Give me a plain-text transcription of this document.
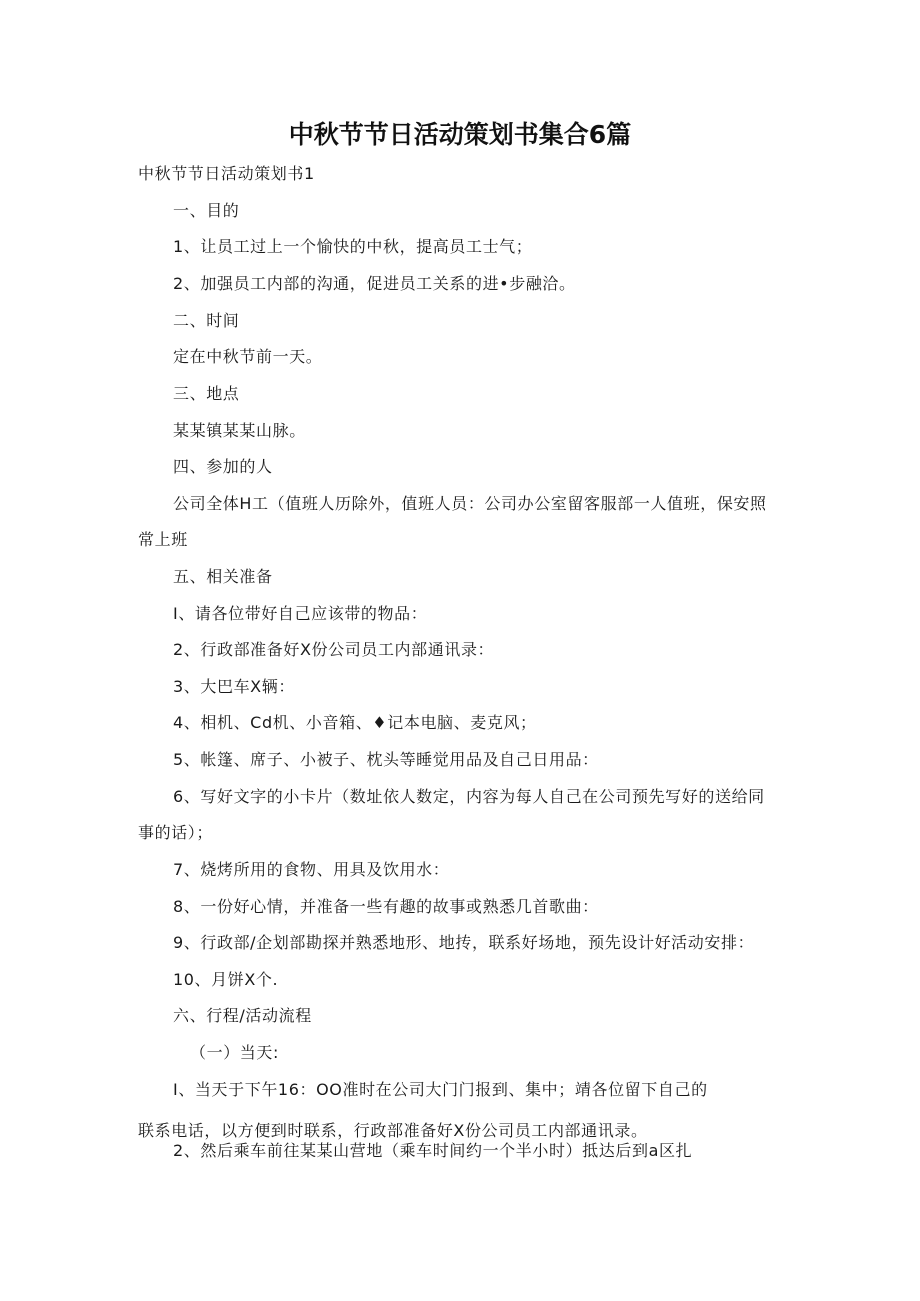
中秋节节日活动策划书集合6篇
中秋节节日活动策划书1
一、目的
1、让员工过上一个愉快的中秋，提高员工士气；
2、加强员工内部的沟通，促进员工关系的进•步融洽。
二、时间
定在中秋节前一天。
三、地点
某某镇某某山脉。
四、参加的人
公司全体H工（值班人历除外，值班人员：公司办公室留客服部一人值班，保安照
常上班
五、相关准备
I、请各位带好自己应该带的物品：
2、行政部准备好X份公司员工内部通讯录：
3、大巴车X辆：
4、相机、Cd机、小音箱、♦记本电脑、麦克风；
5、帐篷、席子、小被子、枕头等睡觉用品及自己日用品：
6、写好文字的小卡片（数址依人数定，内容为每人自己在公司预先写好的送给同
事的话）；
7、烧烤所用的食物、用具及饮用水：
8、一份好心情，并准备一些有趣的故事或熟悉几首歌曲：
9、行政部/企划部勘探并熟悉地形、地抟，联系好场地，预先设计好活动安排：
10、月饼X个.
六、行程/活动流程
（一）当天:
I、当天于下午16：OO准时在公司大门门报到、集中；靖各位留下自己的
联系电话，以方便到时联系，行政部准备好X份公司员工内部通讯录。
2、然后乘车前往某某山营地（乘车时间约一个半小时）抵达后到a区扎
